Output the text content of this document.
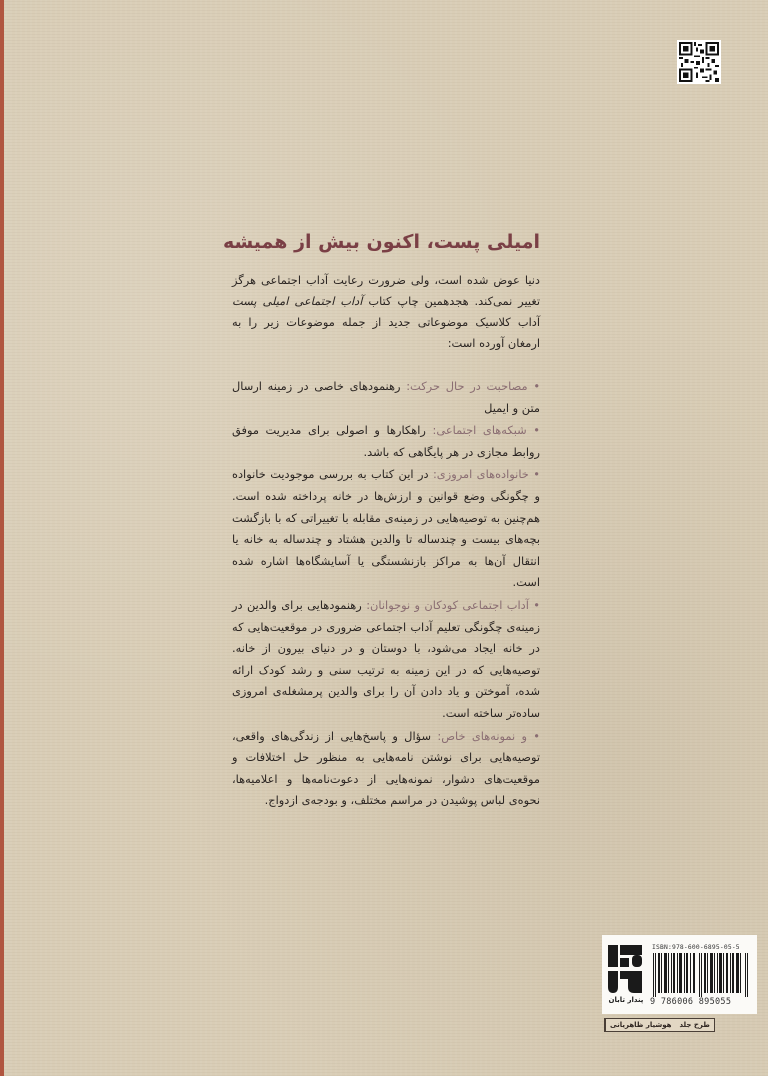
امیلی پست، اکنون بیش از همیشه

دنیا عوض شده است، ولی ضرورت رعایت آداب اجتماعی هرگز تغییر نمی‌کند. هجدهمین چاپ کتاب آداب اجتماعی امیلی پست آداب کلاسیک موضوعاتی جدید از جمله موضوعات زیر را به ارمغان آورده است:

• مصاحبت در حال حرکت: رهنمودهای خاصی در زمینه ارسال متن و ایمیل

• شبکه‌های اجتماعی: راهکارها و اصولی برای مدیریت موفق روابط مجازی در هر پایگاهی که باشد.

• خانواده‌های امروزی: در این کتاب به بررسی موجودیت خانواده و چگونگی وضع قوانین و ارزش‌ها در خانه پرداخته شده است. هم‌چنین به توصیه‌هایی در زمینه‌ی مقابله با تغییراتی که با بازگشت بچه‌های بیست و چندساله تا والدین هشتاد و چندساله به خانه یا انتقال آن‌ها به مراکز بازنشستگی یا آسایشگاه‌ها اشاره شده است.

• آداب اجتماعی کودکان و نوجوانان: رهنمودهایی برای والدین در زمینه‌ی چگونگی تعلیم آداب اجتماعی ضروری در موقعیت‌هایی که در خانه ایجاد می‌شود، با دوستان و در دنیای بیرون از خانه. توصیه‌هایی که در این زمینه به ترتیب سنی و رشد کودک ارائه شده، آموختن و یاد دادن آن را برای والدین پرمشغله‌ی امروزی ساده‌تر ساخته است.

• و نمونه‌های خاص: سؤال و پاسخ‌هایی از زندگی‌های واقعی، توصیه‌هایی برای نوشتن نامه‌هایی به منظور حل اختلافات و موقعیت‌های دشوار، نمونه‌هایی از دعوت‌نامه‌ها و اعلامیه‌ها، نحوه‌ی لباس پوشیدن در مراسم مختلف، و بودجه‌ی ازدواج.

پندار تابان
ISBN:978-600-6895-05-5
9 786006 895055
طرح جلد
هوشیار ظاهریانی
